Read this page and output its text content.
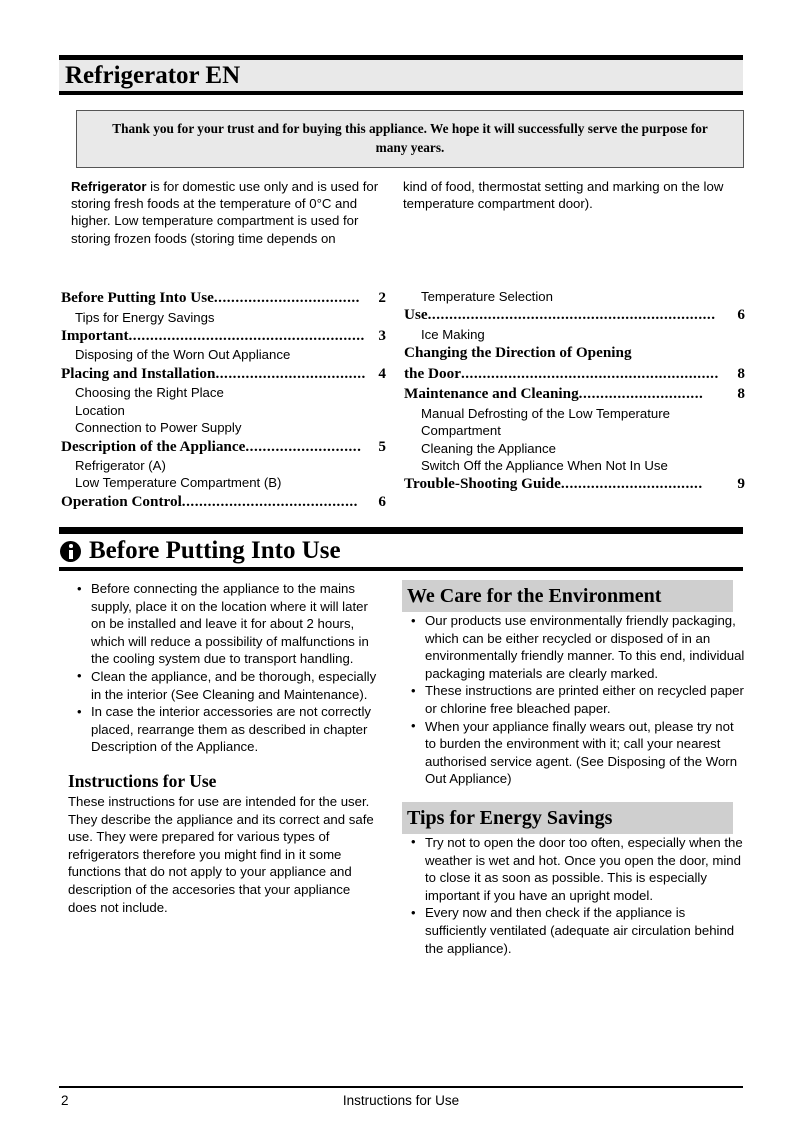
Refrigerator EN

Thank you for your trust and for buying this appliance. We hope it will successfully serve the purpose for many years.

Refrigerator is for domestic use only and is used for storing fresh foods at the temperature of 0°C and higher. Low temperature compartment is used for storing frozen foods (storing time depends on

kind of food, thermostat setting and marking on the low temperature compartment door).

Before Putting Into Use ..................................	2
Tips for Energy Savings
Important ....................................................... 3
Disposing of the Worn Out Appliance
Placing and Installation ................................... 4
Choosing the Right Place
Location
Connection to Power Supply
Description of the Appliance ...........................	5
Refrigerator (A)
Low Temperature Compartment (B)
Operation Control .........................................	6
Temperature Selection
Use ...................................................................	6
Ice Making
Changing the Direction of Opening
the Door ............................................................	8
Maintenance and Cleaning .............................	8
Manual Defrosting of the Low Temperature
Compartment
Cleaning the Appliance
Switch Off the Appliance When Not In Use
Trouble-Shooting Guide .................................	9
Before Putting Into Use
• Before connecting the appliance to the mains supply, place it on the location where it will later on be installed and leave it for about 2 hours, which will reduce a possibility of malfunctions in the cooling system due to transport handling.
• Clean the appliance, and be thorough, especially in the interior (See Cleaning and Maintenance).
• In case the interior accessories are not correctly placed, rearrange them as described in chapter Description of the Appliance.
Instructions for Use

These instructions for use are intended for the user. They describe the appliance and its correct and safe use. They were prepared for various types of refrigerators therefore you might find in it some functions that do not apply to your appliance and description of the accesories that your appliance does not include.

We Care for the Environment
• Our products use environmentally friendly packaging, which can be either recycled or disposed of in an environmentally friendly manner. To this end, individual packaging materials are clearly marked.
• These instructions are printed either on recycled paper or chlorine free bleached paper.
• When your appliance finally wears out, please try not to burden the environment with it; call your nearest authorised service agent. (See Disposing of the Worn Out Appliance)
Tips for Energy Savings
• Try not to open the door too often, especially when the weather is wet and hot. Once you open the door, mind to close it as soon as possible. This is especially important if you have an upright model.
• Every now and then check if the appliance is sufficiently ventilated (adequate air circulation behind the appliance).
2	Instructions for Use
